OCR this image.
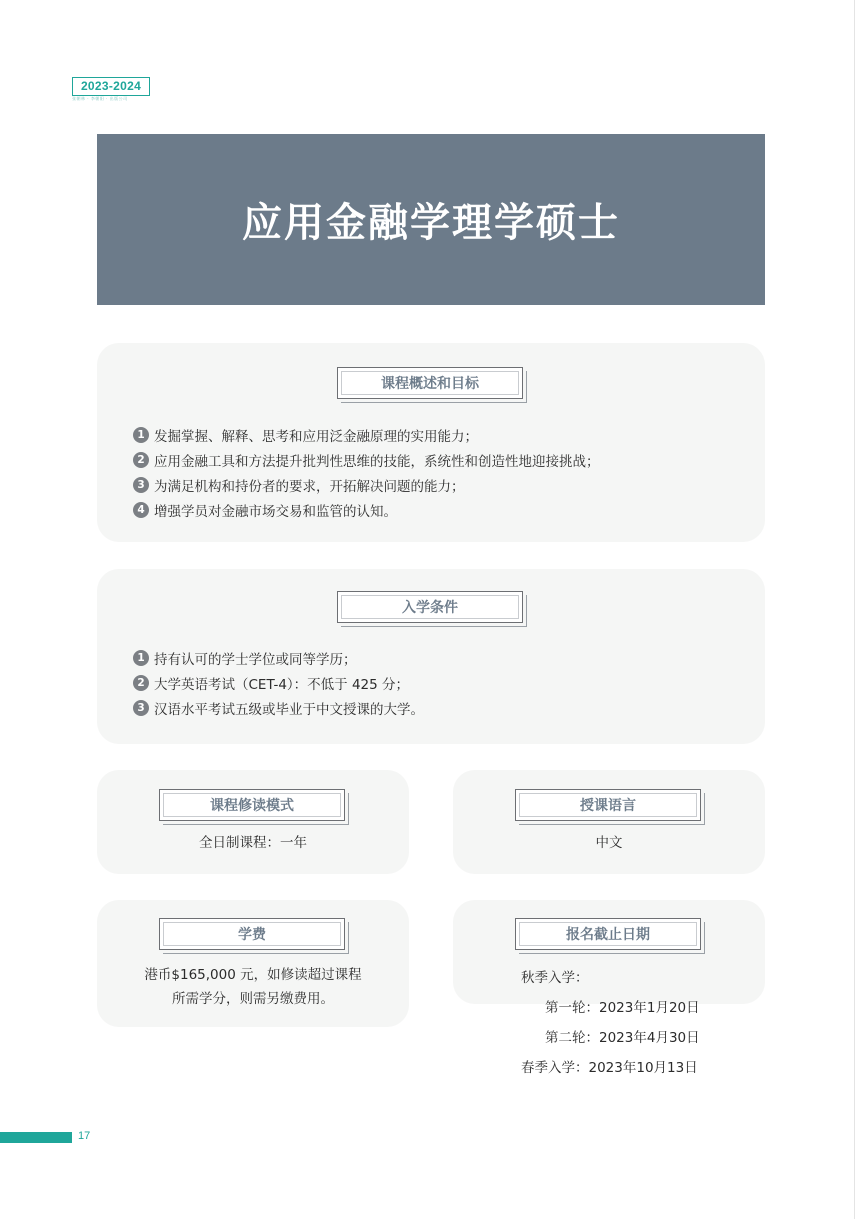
2023-2024
张朝林 · 李朝阳 · 出版公司
应用金融学理学硕士
课程概述和目标
1 发掘掌握、解释、思考和应用泛金融原理的实用能力；
2 应用金融工具和方法提升批判性思维的技能，系统性和创造性地迎接挑战；
3 为满足机构和持份者的要求，开拓解决问题的能力；
4 增强学员对金融市场交易和监管的认知。
入学条件
1 持有认可的学士学位或同等学历；
2 大学英语考试（CET-4）：不低于 425 分；
3 汉语水平考试五级或毕业于中文授课的大学。
课程修读模式
全日制课程：一年
授课语言
中文
学费
港币$165,000 元，如修读超过课程
所需学分，则需另缴费用。
报名截止日期
秋季入学：
第一轮：2023年1月20日
第二轮：2023年4月30日
春季入学：2023年10月13日
17
